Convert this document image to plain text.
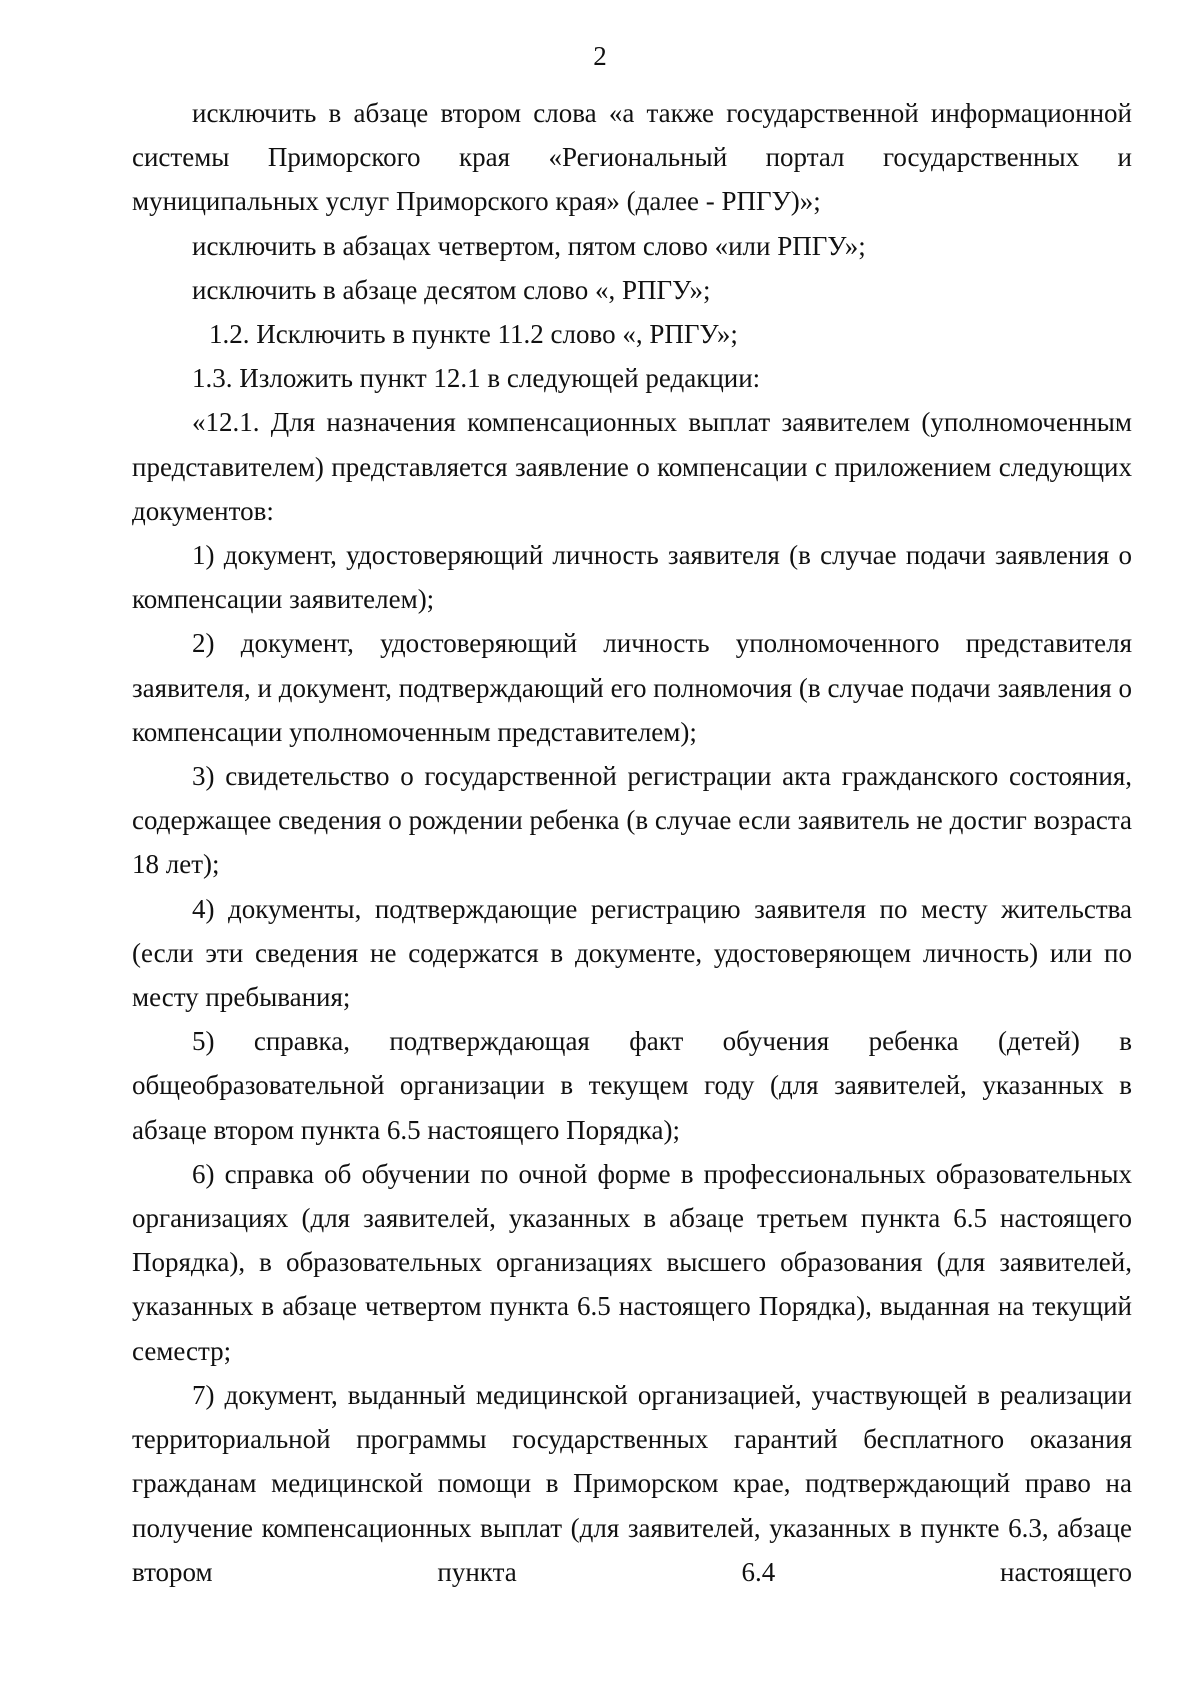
2

исключить в абзаце втором слова «а также государственной информационной системы Приморского края «Региональный портал государственных и муниципальных услуг Приморского края» (далее - РПГУ)»;

исключить в абзацах четвертом, пятом слово «или РПГУ»;

исключить в абзаце десятом слово «, РПГУ»;

1.2. Исключить в пункте 11.2 слово «, РПГУ»;

1.3. Изложить пункт 12.1 в следующей редакции:

«12.1. Для назначения компенсационных выплат заявителем (уполномоченным представителем) представляется заявление о компенсации с приложением следующих документов:

1) документ, удостоверяющий личность заявителя (в случае подачи заявления о компенсации заявителем);

2) документ, удостоверяющий личность уполномоченного представителя заявителя, и документ, подтверждающий его полномочия (в случае подачи заявления о компенсации уполномоченным представителем);

3) свидетельство о государственной регистрации акта гражданского состояния, содержащее сведения о рождении ребенка (в случае если заявитель не достиг возраста 18 лет);

4) документы, подтверждающие регистрацию заявителя по месту жительства (если эти сведения не содержатся в документе, удостоверяющем личность) или по месту пребывания;

5) справка, подтверждающая факт обучения ребенка (детей) в общеобразовательной организации в текущем году (для заявителей, указанных в абзаце втором пункта 6.5 настоящего Порядка);

6) справка об обучении по очной форме в профессиональных образовательных организациях (для заявителей, указанных в абзаце третьем пункта 6.5 настоящего Порядка), в образовательных организациях высшего образования (для заявителей, указанных в абзаце четвертом пункта 6.5 настоящего Порядка), выданная на текущий семестр;

7) документ, выданный медицинской организацией, участвующей в реализации территориальной программы государственных гарантий бесплатного оказания гражданам медицинской помощи в Приморском крае, подтверждающий право на получение компенсационных выплат (для заявителей, указанных в пункте 6.3, абзаце втором пункта 6.4 настоящего
